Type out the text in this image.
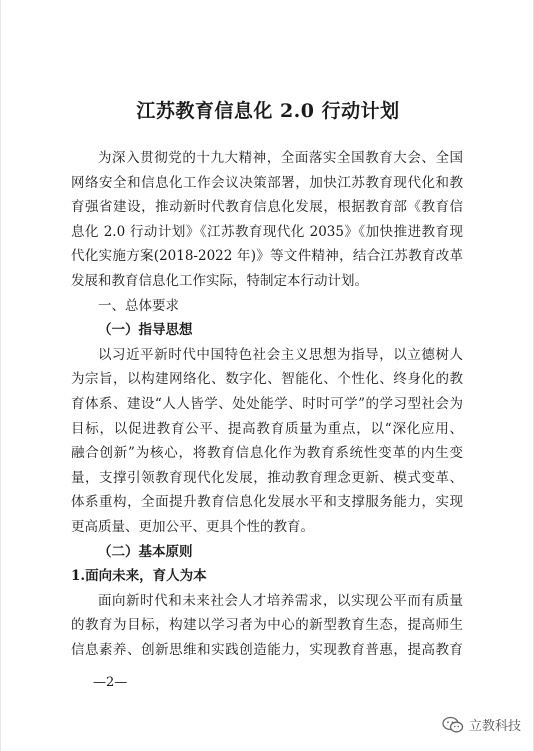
江苏教育信息化 2.0 行动计划

为深入贯彻党的十九大精神，全面落实全国教育大会、全国
网络安全和信息化工作会议决策部署，加快江苏教育现代化和教
育强省建设，推动新时代教育信息化发展，根据教育部《教育信
息化 2.0 行动计划》《江苏教育现代化 2035》《加快推进教育现
代化实施方案(2018-2022 年)》等文件精神，结合江苏教育改革
发展和教育信息化工作实际，特制定本行动计划。

一、总体要求

（一）指导思想

以习近平新时代中国特色社会主义思想为指导，以立德树人
为宗旨，以构建网络化、数字化、智能化、个性化、终身化的教
育体系、建设“人人皆学、处处能学、时时可学”的学习型社会为
目标，以促进教育公平、提高教育质量为重点，以“深化应用、
融合创新”为核心，将教育信息化作为教育系统性变革的内生变
量，支撑引领教育现代化发展，推动教育理念更新、模式变革、
体系重构，全面提升教育信息化发展水平和支撑服务能力，实现
更高质量、更加公平、更具个性的教育。

（二）基本原则

1.面向未来，育人为本

面向新时代和未来社会人才培养需求，以实现公平而有质量
的教育为目标，构建以学习者为中心的新型教育生态，提高师生
信息素养、创新思维和实践创造能力，实现教育普惠，提高教育

—2—
立教科技
